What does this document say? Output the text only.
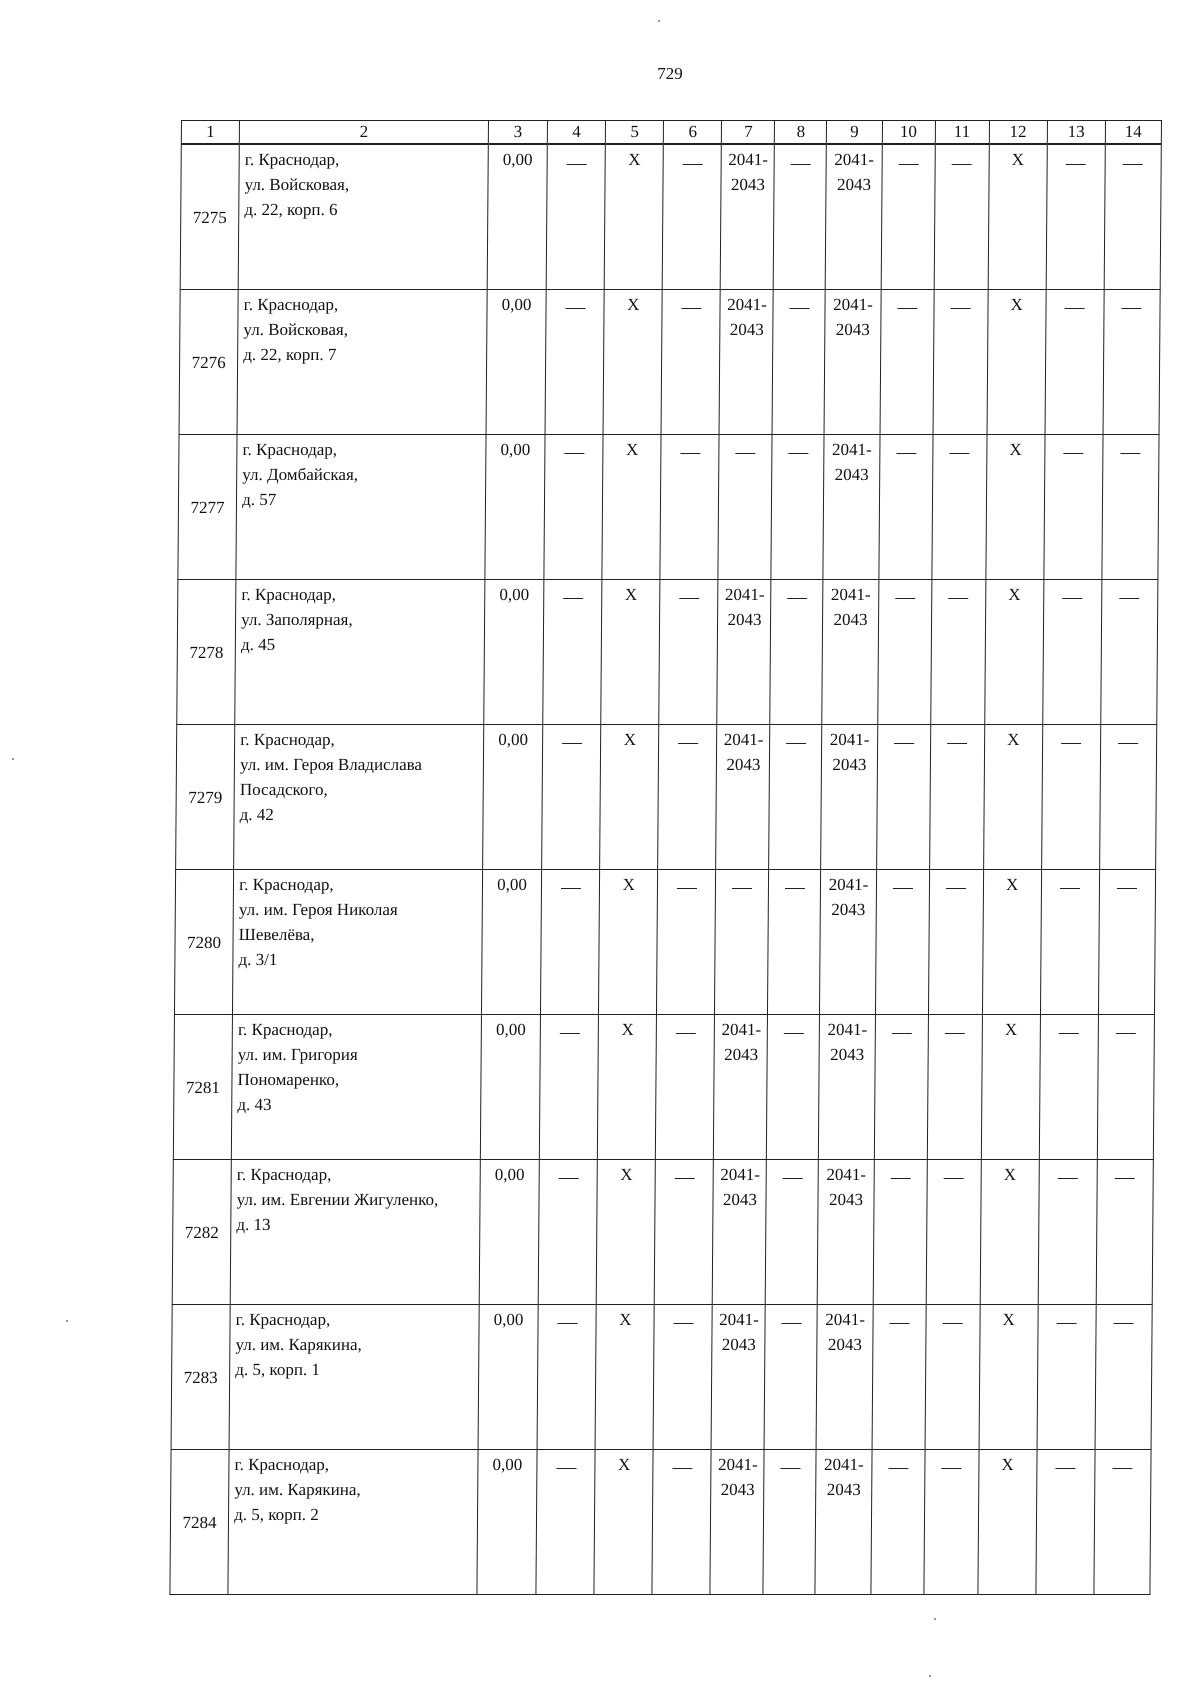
729
1	2	3	4	5	6	7	8	9	10	11	12	13	14
7275	г. Краснодар,
ул. Войсковая,
д. 22, корп. 6	0,00		X		2041-
2043		2041-
2043			X		
7276	г. Краснодар,
ул. Войсковая,
д. 22, корп. 7	0,00		X		2041-
2043		2041-
2043			X		
7277	г. Краснодар,
ул. Домбайская,
д. 57	0,00		X				2041-
2043			X		
7278	г. Краснодар,
ул. Заполярная,
д. 45	0,00		X		2041-
2043		2041-
2043			X		
7279	г. Краснодар,
ул. им. Героя Владислава
Посадского,
д. 42	0,00		X		2041-
2043		2041-
2043			X		
7280	г. Краснодар,
ул. им. Героя Николая
Шевелёва,
д. 3/1	0,00		X				2041-
2043			X		
7281	г. Краснодар,
ул. им. Григория
Пономаренко,
д. 43	0,00		X		2041-
2043		2041-
2043			X		
7282	г. Краснодар,
ул. им. Евгении Жигуленко,
д. 13	0,00		X		2041-
2043		2041-
2043			X		
7283	г. Краснодар,
ул. им. Карякина,
д. 5, корп. 1	0,00		X		2041-
2043		2041-
2043			X		
7284	г. Краснодар,
ул. им. Карякина,
д. 5, корп. 2	0,00		X		2041-
2043		2041-
2043			X		
